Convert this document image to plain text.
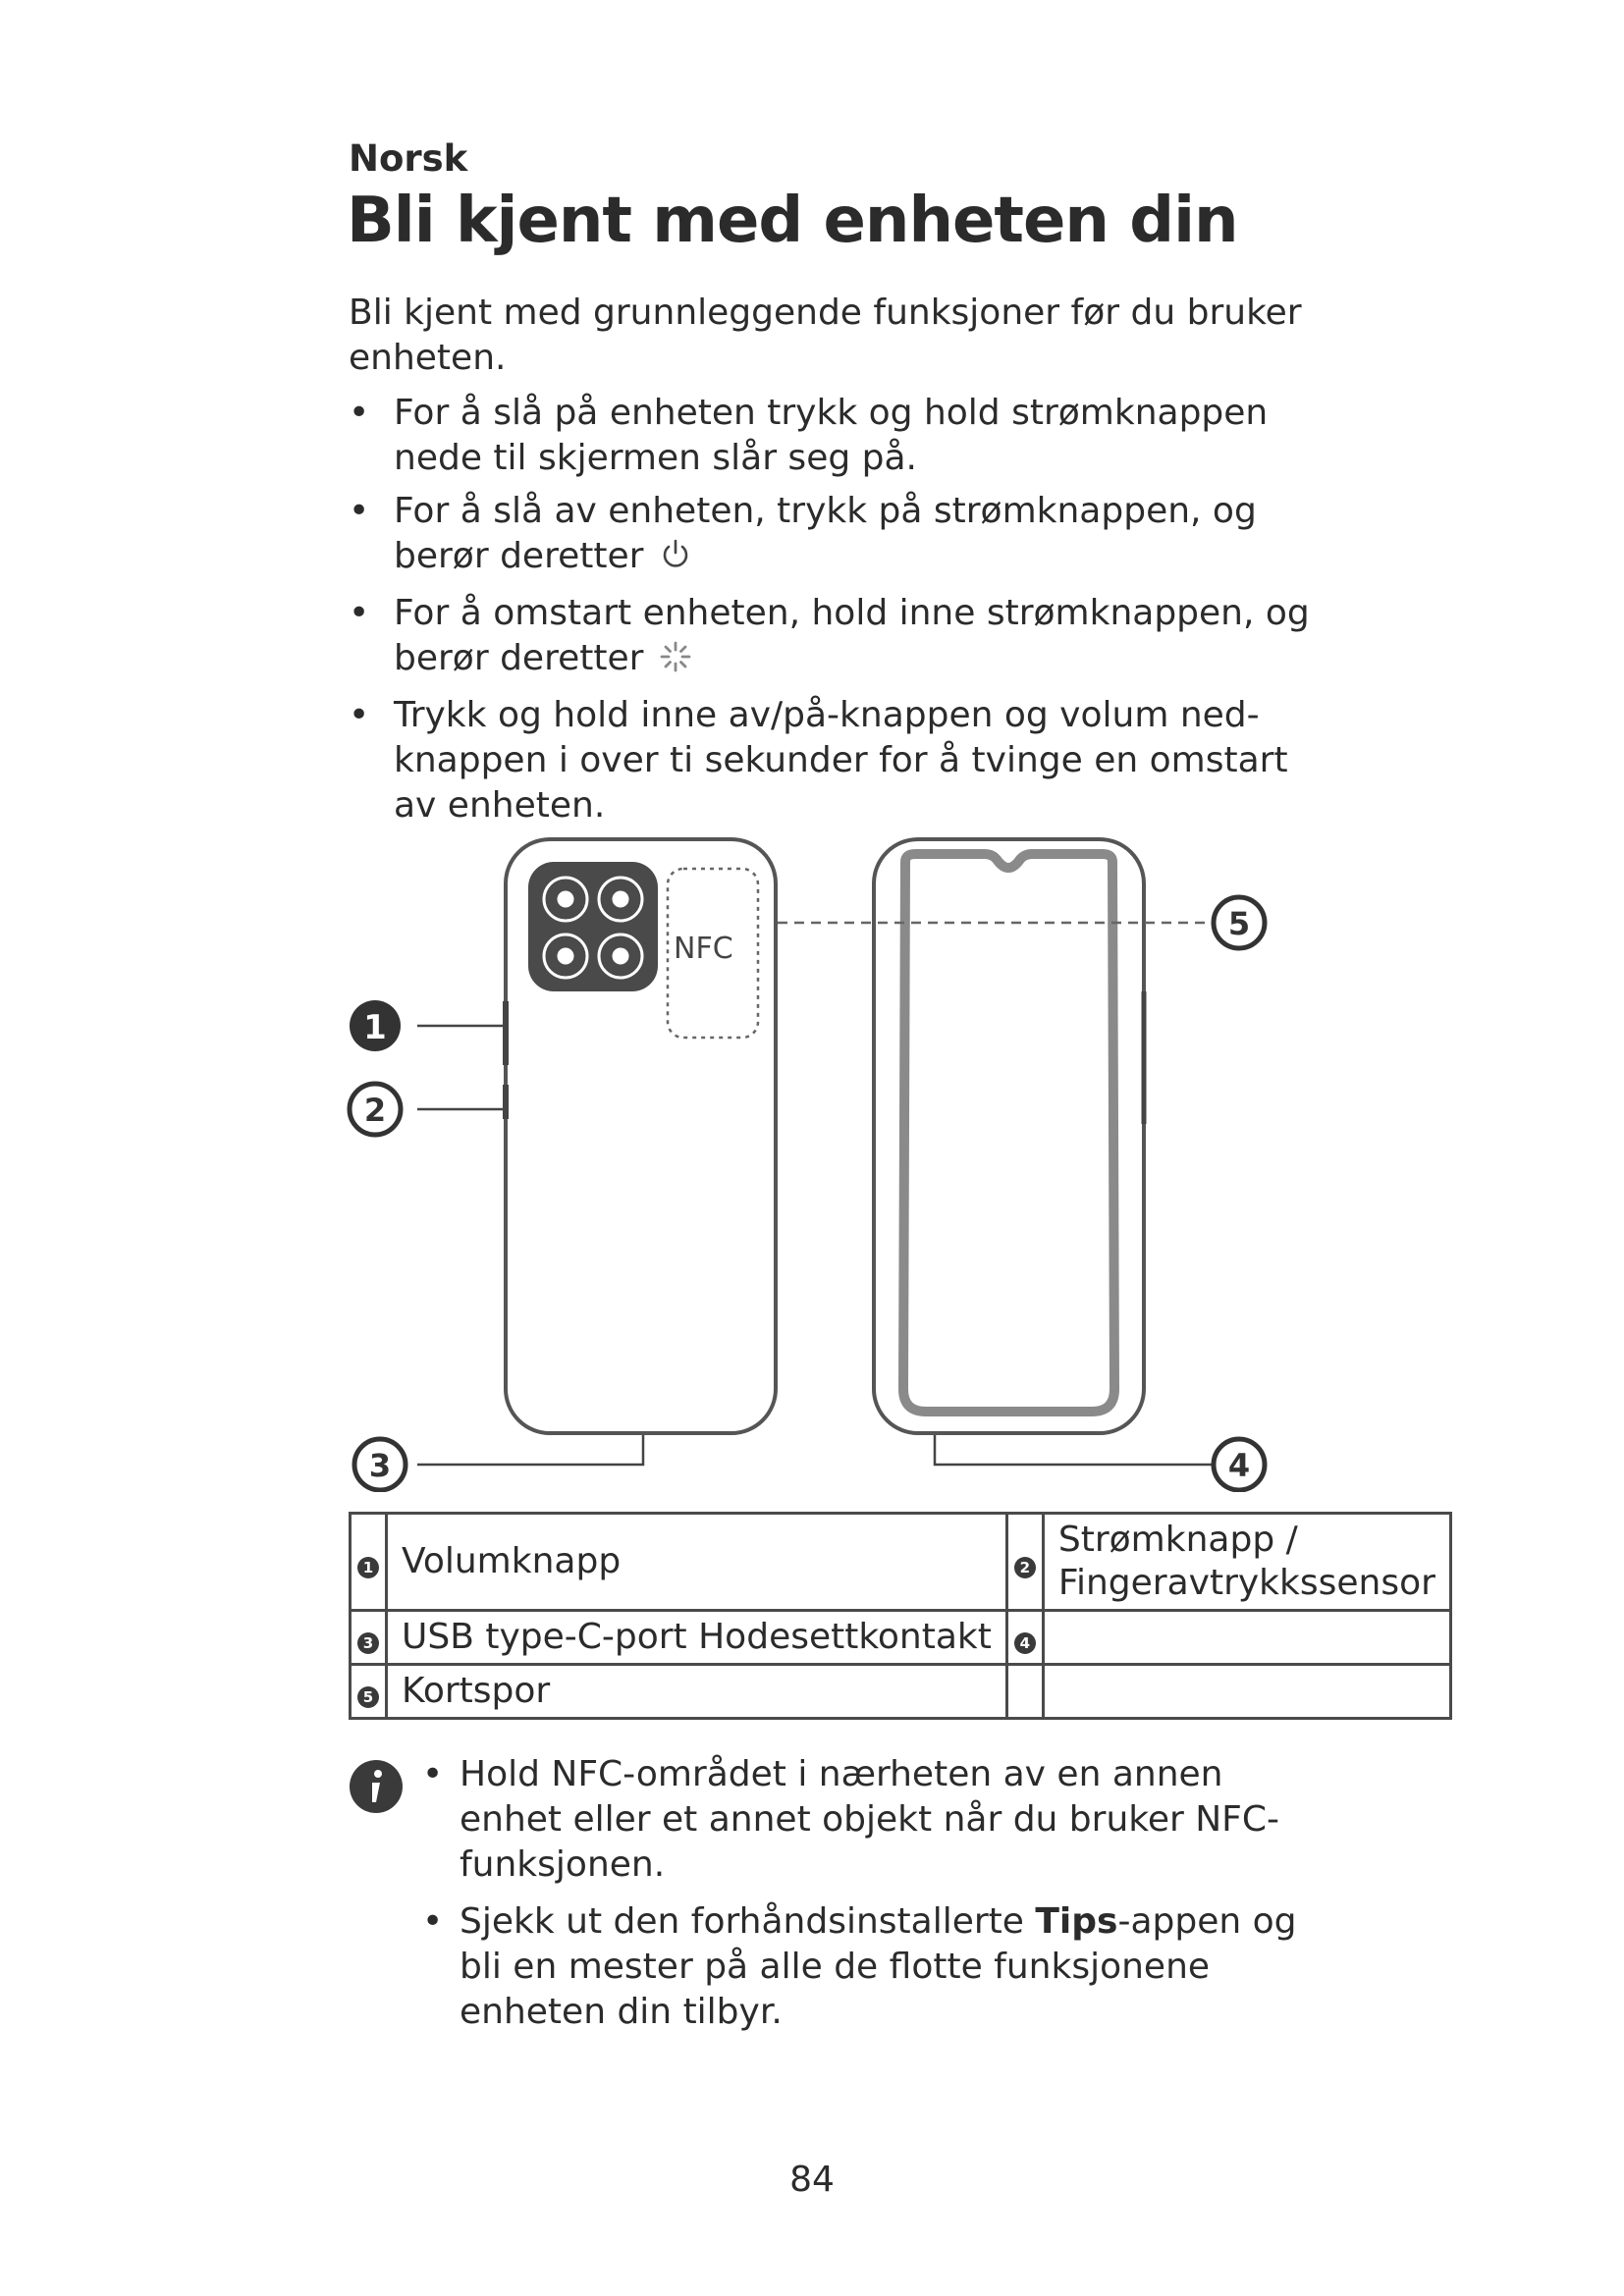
Norsk
Bli kjent med enheten din
Bli kjent med grunnleggende funksjoner før du bruker enheten.
• For å slå på enheten trykk og hold strømknappen nede til skjermen slår seg på.
• For å slå av enheten, trykk på strømknappen, og berør deretter
• For å omstart enheten, hold inne strømknappen, og berør deretter
• Trykk og hold inne av/på-knappen og volum ned-knappen i over ti sekunder for å tvinge en omstart av enheten.
NFC
1
2
3	4
5
1	Volumknapp	2	Strømknapp / Fingeravtrykkssensor
3	USB type-C-port Hodesettkontakt	4	
5	Kortspor		
• Hold NFC-området i nærheten av en annen enhet eller et annet objekt når du bruker NFC-funksjonen.
• Sjekk ut den forhåndsinstallerte Tips-appen og bli en mester på alle de flotte funksjonene enheten din tilbyr.
84
